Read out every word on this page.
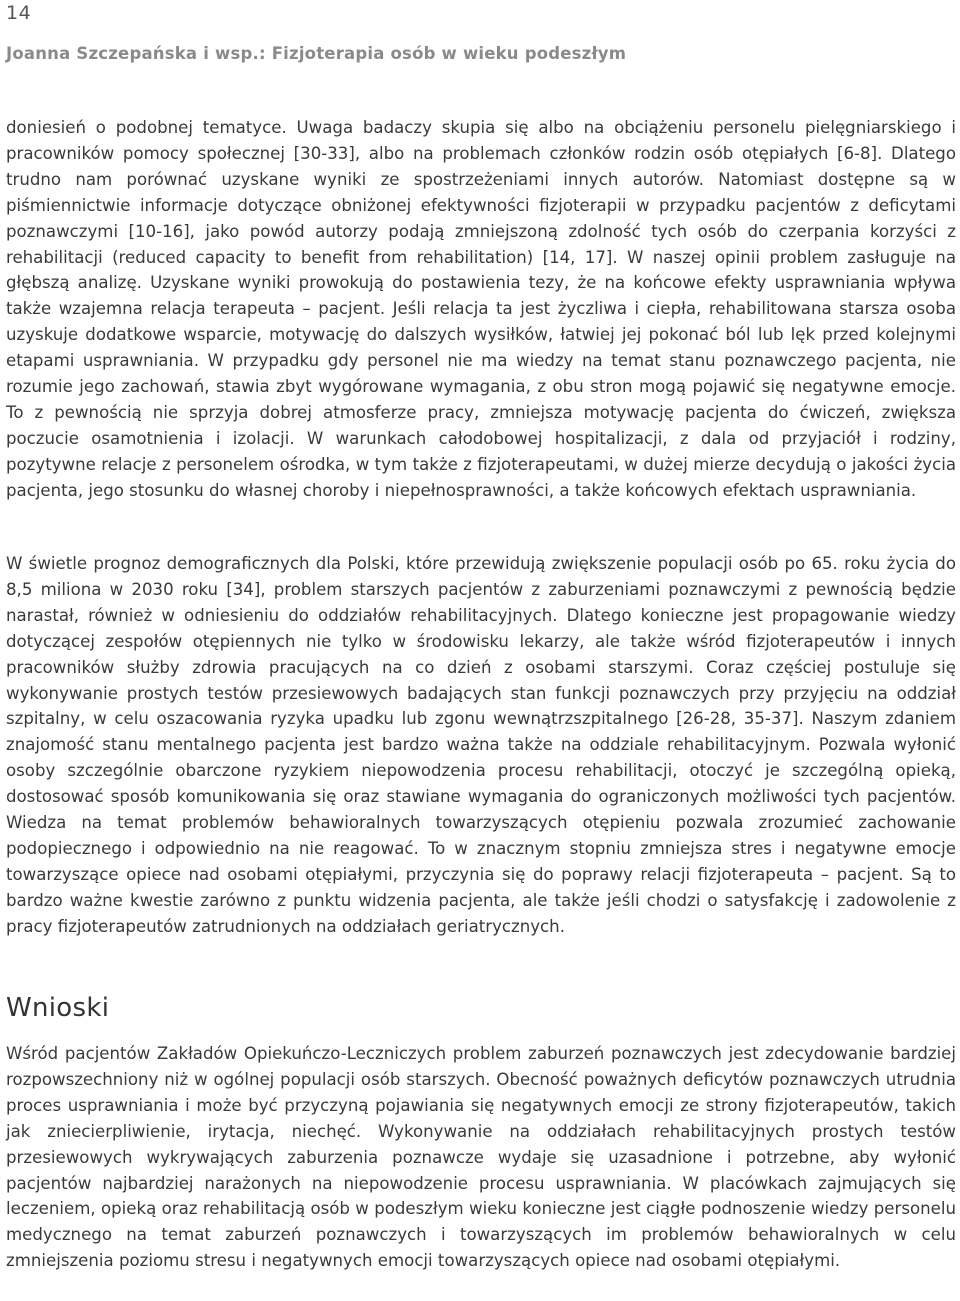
14
Joanna Szczepańska i wsp.: Fizjoterapia osób w wieku podeszłym

doniesień o podobnej tematyce. Uwaga badaczy skupia się albo na obciążeniu personelu pielęgniarskiego i pracowników pomocy społecznej [30-33], albo na problemach członków rodzin osób otępiałych [6-8]. Dlatego trudno nam porównać uzyskane wyniki ze spostrzeżeniami innych autorów. Natomiast dostępne są w piśmiennictwie informacje dotyczące obniżonej efektywności fizjoterapii w przypadku pacjentów z deficytami poznawczymi [10-16], jako powód autorzy podają zmniejszoną zdolność tych osób do czerpania korzyści z rehabilitacji (reduced capacity to benefit from rehabilitation) [14, 17]. W naszej opinii problem zasługuje na głębszą analizę. Uzyskane wyniki prowokują do postawienia tezy, że na końcowe efekty usprawniania wpływa także wzajemna relacja terapeuta – pacjent. Jeśli relacja ta jest życzliwa i ciepła, rehabilitowana starsza osoba uzyskuje dodatkowe wsparcie, motywację do dalszych wysiłków, łatwiej jej pokonać ból lub lęk przed kolejnymi etapami usprawniania. W przypadku gdy personel nie ma wiedzy na temat stanu poznawczego pacjenta, nie rozumie jego zachowań, stawia zbyt wygórowane wymagania, z obu stron mogą pojawić się negatywne emocje. To z pewnością nie sprzyja dobrej atmosferze pracy, zmniejsza motywację pacjenta do ćwiczeń, zwiększa poczucie osamotnienia i izolacji. W warunkach całodobowej hospitalizacji, z dala od przyjaciół i rodziny, pozytywne relacje z personelem ośrodka, w tym także z fizjoterapeutami, w dużej mierze decydują o jakości życia pacjenta, jego stosunku do własnej choroby i niepełnosprawności, a także końcowych efektach usprawniania.

W świetle prognoz demograficznych dla Polski, które przewidują zwiększenie populacji osób po 65. roku życia do 8,5 miliona w 2030 roku [34], problem starszych pacjentów z zaburzeniami poznawczymi z pewnością będzie narastał, również w odniesieniu do oddziałów rehabilitacyjnych. Dlatego konieczne jest propagowanie wiedzy dotyczącej zespołów otępiennych nie tylko w środowisku lekarzy, ale także wśród fizjoterapeutów i innych pracowników służby zdrowia pracujących na co dzień z osobami starszymi. Coraz częściej postuluje się wykonywanie prostych testów przesiewowych badających stan funkcji poznawczych przy przyjęciu na oddział szpitalny, w celu oszacowania ryzyka upadku lub zgonu wewnątrzszpitalnego [26-28, 35-37]. Naszym zdaniem znajomość stanu mentalnego pacjenta jest bardzo ważna także na oddziale rehabilitacyjnym. Pozwala wyłonić osoby szczególnie obarczone ryzykiem niepowodzenia procesu rehabilitacji, otoczyć je szczególną opieką, dostosować sposób komunikowania się oraz stawiane wymagania do ograniczonych możliwości tych pacjentów. Wiedza na temat problemów behawioralnych towarzyszących otępieniu pozwala zrozumieć zachowanie podopiecznego i odpowiednio na nie reagować. To w znacznym stopniu zmniejsza stres i negatywne emocje towarzyszące opiece nad osobami otępiałymi, przyczynia się do poprawy relacji fizjoterapeuta – pacjent. Są to bardzo ważne kwestie zarówno z punktu widzenia pacjenta, ale także jeśli chodzi o satysfakcję i zadowolenie z pracy fizjoterapeutów zatrudnionych na oddziałach geriatrycznych.

Wnioski

Wśród pacjentów Zakładów Opiekuńczo-Leczniczych problem zaburzeń poznawczych jest zdecydowanie bardziej rozpowszechniony niż w ogólnej populacji osób starszych. Obecność poważnych deficytów poznawczych utrudnia proces usprawniania i może być przyczyną pojawiania się negatywnych emocji ze strony fizjoterapeutów, takich jak zniecierpliwienie, irytacja, niechęć. Wykonywanie na oddziałach rehabilitacyjnych prostych testów przesiewowych wykrywających zaburzenia poznawcze wydaje się uzasadnione i potrzebne, aby wyłonić pacjentów najbardziej narażonych na niepowodzenie procesu usprawniania. W placówkach zajmujących się leczeniem, opieką oraz rehabilitacją osób w podeszłym wieku konieczne jest ciągłe podnoszenie wiedzy personelu medycznego na temat zaburzeń poznawczych i towarzyszących im problemów behawioralnych w celu zmniejszenia poziomu stresu i negatywnych emocji towarzyszących opiece nad osobami otępiałymi.
